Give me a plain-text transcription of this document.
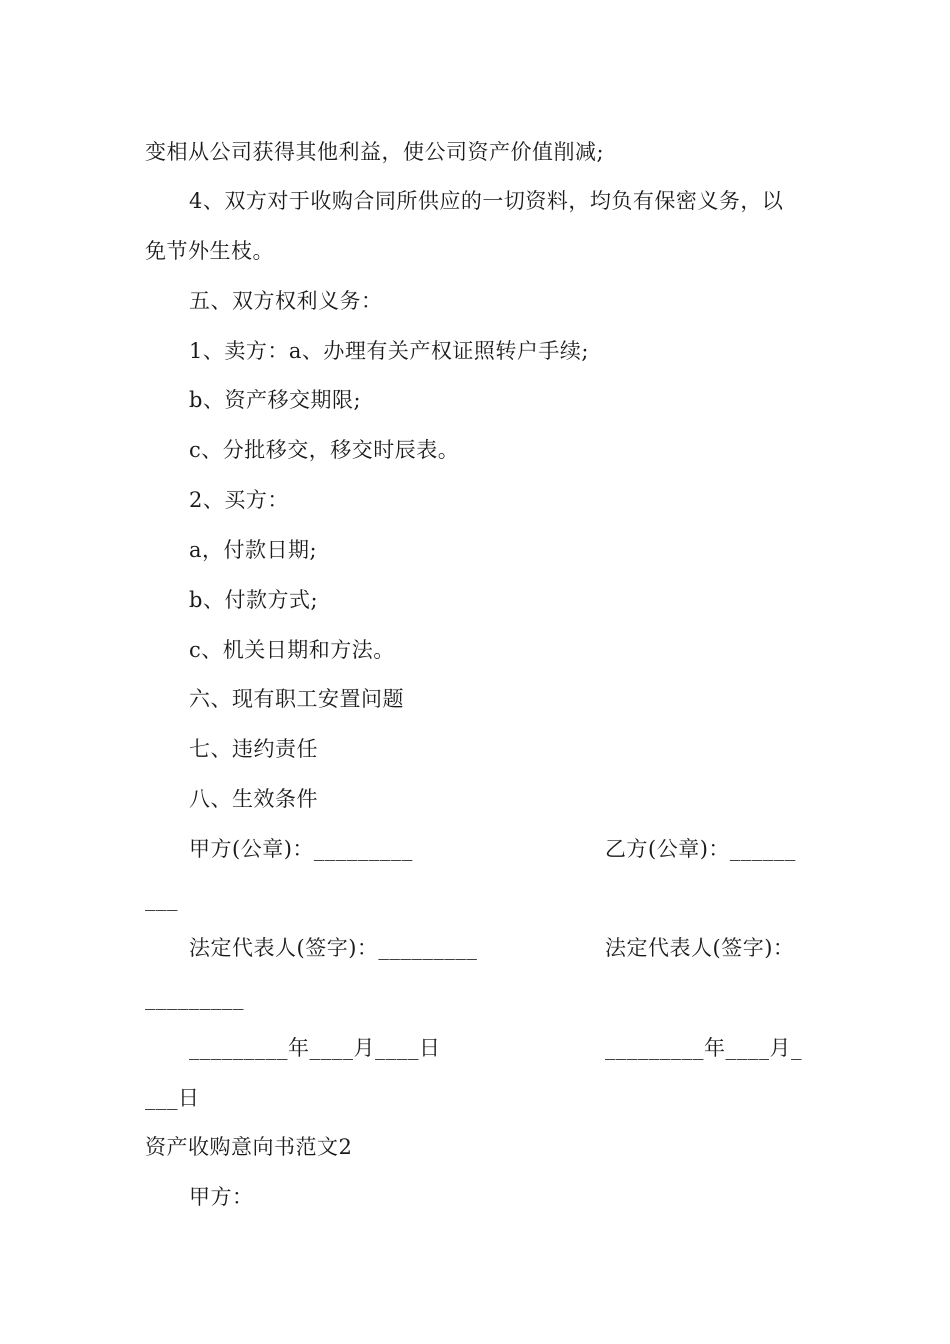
变相从公司获得其他利益，使公司资产价值削减;
4、双方对于收购合同所供应的一切资料，均负有保密义务，以
免节外生枝。
五、双方权利义务：
1、卖方：a、办理有关产权证照转户手续;
b、资产移交期限;
c、分批移交，移交时辰表。
2、买方：
a，付款日期;
b、付款方式;
c、机关日期和方法。
六、现有职工安置问题
七、违约责任
八、生效条件
甲方(公章)：_________	乙方(公章)：______
___
法定代表人(签字)：_________	法定代表人(签字)：
_________
_________年____月____日	_________年____月_
___日
资产收购意向书范文2
甲方：
